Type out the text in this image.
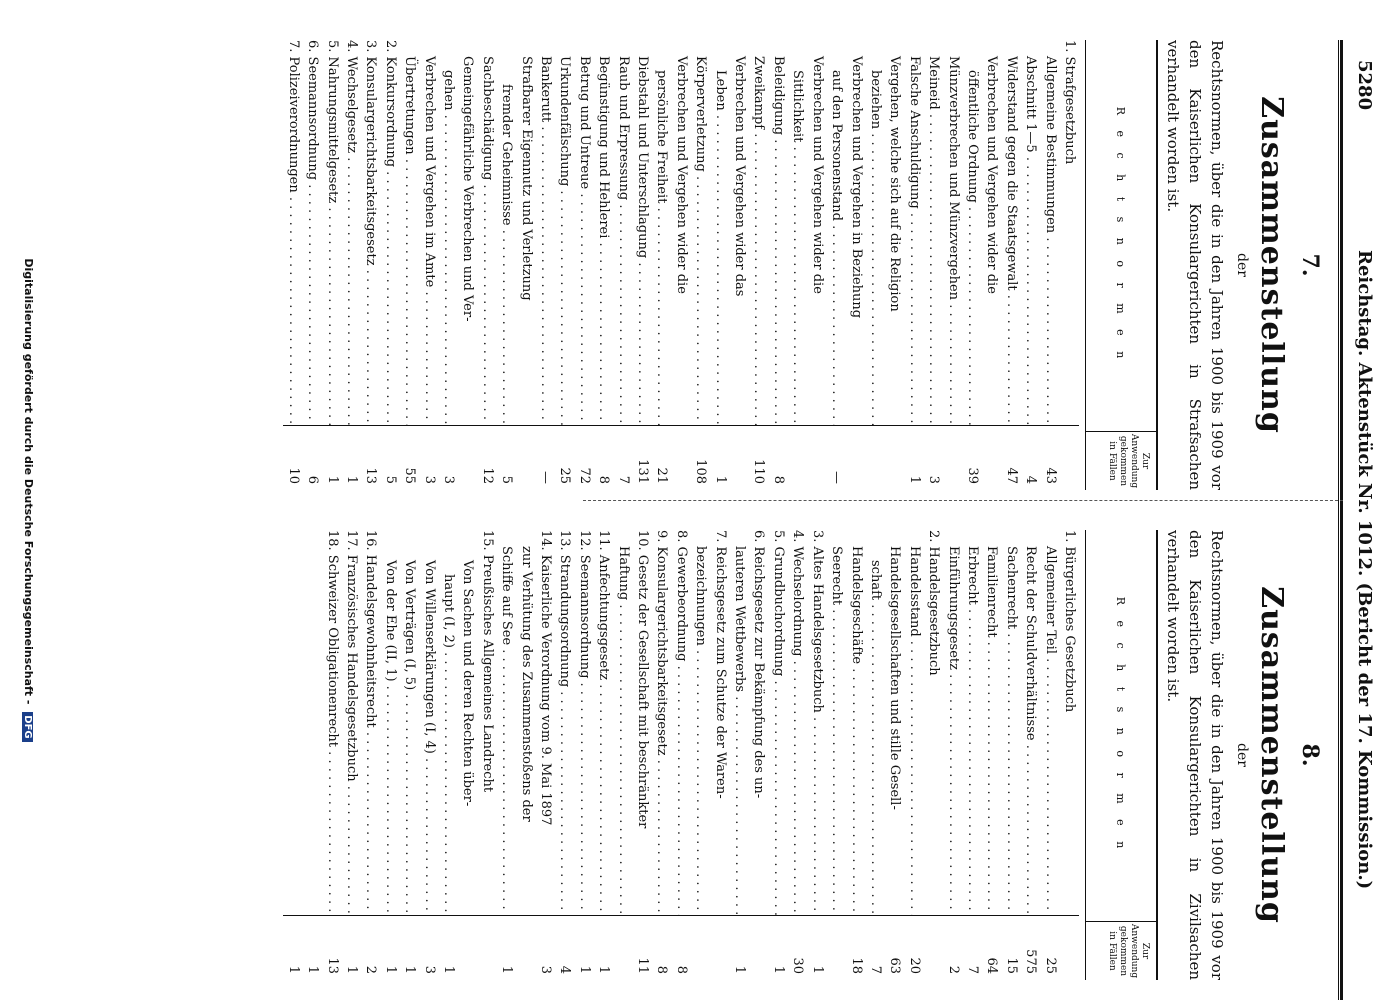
5280
Reichstag. Aktenstück Nr. 1012. (Bericht der 17. Kommission.)
7.
Zusammenstellung
der
Rechtsnormen, über die in den Jahren 1900 bis 1909 vor den Kaiserlichen Konsulargerichten in Strafsachen verhandelt worden ist.
R e c h t s n o r m e n
Zur Anwendung gekommen in Fällen
1. Strafgesetzbuch
Allgemeine Bestimmungen . . .
43
Abschnitt 1—5 . . .
4
Widerstand gegen die Staatsgewalt . . .
47
Verbrechen und Vergehen wider die
öffentliche Ordnung . . .
39
Münzverbrechen und Münzvergehen . . .
Meineid . . .
3
Falsche Anschuldigung . . .
1
Vergehen, welche sich auf die Religion
beziehen . . .
Verbrechen und Vergehen in Beziehung
auf den Personenstand . . .
—
Verbrechen und Vergehen wider die
Sittlichkeit . . .
Beleidigung . . .
8
Zweikampf . . .
110
Verbrechen und Vergehen wider das
Leben . . .
1
Körperverletzung . . .
108
Verbrechen und Vergehen wider die
persönliche Freiheit . . .
21
Diebstahl und Unterschlagung . . .
131
Raub und Erpressung . . .
7
Begünstigung und Hehlerei . . .
8
Betrug und Untreue . . .
72
Urkundenfälschung . . .
25
Bankerutt . . .
—
Strafbarer Eigennutz und Verletzung
fremder Geheimnisse . . .
5
Sachbeschädigung . . .
12
Gemeingefährliche Verbrechen und Ver-
gehen . . .
3
Verbrechen und Vergehen im Amte . . .
3
Übertretungen . . .
55
2. Konkursordnung . . .
5
3. Konsulargerichtsbarkeitsgesetz . . .
13
4. Wechselgesetz . . .
1
5. Nahrungsmittelgesetz . . .
1
6. Seemannsordnung . . .
6
7. Polizeiverordnungen . . .
10
8.
Zusammenstellung
der
Rechtsnormen, über die in den Jahren 1900 bis 1909 vor den Kaiserlichen Konsulargerichten in Zivilsachen verhandelt worden ist.
R e c h t s n o r m e n
Zur Anwendung gekommen in Fällen
1. Bürgerliches Gesetzbuch
Allgemeiner Teil . . .
25
Recht der Schuldverhältnisse . . .
575
Sachenrecht . . .
15
Familienrecht . . .
64
Erbrecht . . .
7
Einführungsgesetz . . .
2
2. Handelsgesetzbuch
Handelsstand . . .
20
Handelsgesellschaften und stille Gesell-
63
schaft . . .
7
Handelsgeschäfte . . .
18
Seerecht . . .
3. Altes Handelsgesetzbuch . . .
1
4. Wechselordnung . . .
30
5. Grundbuchordnung . . .
1
6. Reichsgesetz zur Bekämpfung des un-
lauteren Wettbewerbs . . .
1
7. Reichsgesetz zum Schutze der Waren-
bezeichnungen . . .
8. Gewerbeordnung . . .
8
9. Konsulargerichtsbarkeitsgesetz . . .
8
10. Gesetz der Gesellschaft mit beschränkter
11
Haftung . . .
11. Anfechtungsgesetz . . .
1
12. Seemannsordnung . . .
1
13. Strandungsordnung . . .
4
14. Kaiserliche Verordnung vom 9. Mai 1897
3
zur Verhütung des Zusammenstoßens der
Schiffe auf See . . .
1
15. Preußisches Allgemeines Landrecht
Von Sachen und deren Rechten über-
haupt (I, 2) . . .
1
Von Willenserklärungen (I, 4) . . .
3
Von Verträgen (I, 5) . . .
1
Von der Ehe (II, 1) . . .
1
16. Handelsgewohnheitsrecht . . .
2
17. Französisches Handelsgesetzbuch . . .
1
18. Schweizer Obligationenrecht . . .
13
1
1
Digitalisierung gefördert durch die Deutsche Forschungsgemeinschaft - DFG
